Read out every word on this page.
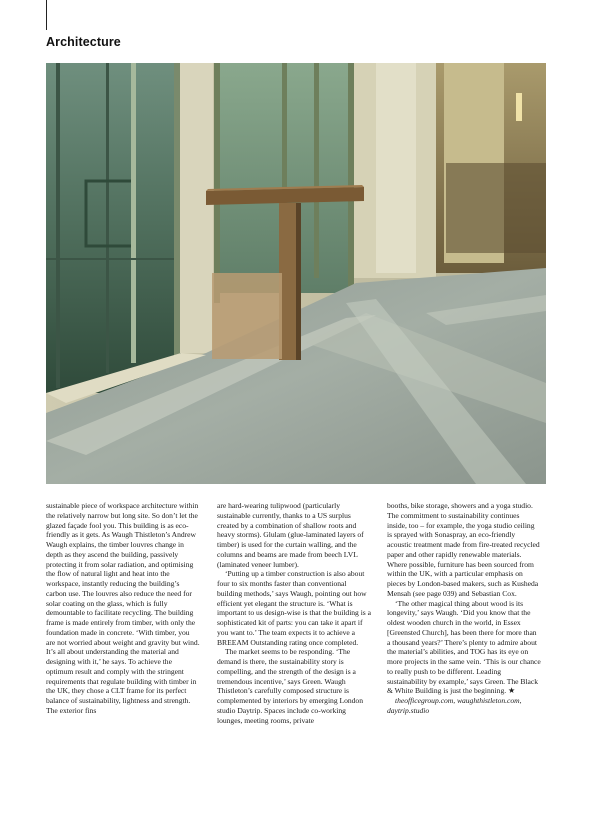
Architecture

sustainable piece of workspace architecture within the relatively narrow but long site. So don’t let the glazed façade fool you. This building is as eco-friendly as it gets. As Waugh Thistleton’s Andrew Waugh explains, the timber louvres change in depth as they ascend the building, passively protecting it from solar radiation, and optimising the flow of natural light and heat into the workspace, instantly reducing the building’s carbon use. The louvres also reduce the need for solar coating on the glass, which is fully demountable to facilitate recycling. The building frame is made entirely from timber, with only the foundation made in concrete. ‘With timber, you are not worried about weight and gravity but wind. It’s all about understanding the material and designing with it,’ he says. To achieve the optimum result and comply with the stringent requirements that regulate building with timber in the UK, they chose a CLT frame for its perfect balance of sustainability, lightness and strength. The exterior fins

are hard-wearing tulipwood (particularly sustainable currently, thanks to a US surplus created by a combination of shallow roots and heavy storms). Glulam (glue-laminated layers of timber) is used for the curtain walling, and the columns and beams are made from beech LVL (laminated veneer lumber).

‘Putting up a timber construction is also about four to six months faster than conventional building methods,’ says Waugh, pointing out how efficient yet elegant the structure is. ‘What is important to us design-wise is that the building is a sophisticated kit of parts: you can take it apart if you want to.’ The team expects it to achieve a BREEAM Outstanding rating once completed.

The market seems to be responding. ‘The demand is there, the sustainability story is compelling, and the strength of the design is a tremendous incentive,’ says Green. Waugh Thistleton’s carefully composed structure is complemented by interiors by emerging London studio Daytrip. Spaces include co-working lounges, meeting rooms, private

booths, bike storage, showers and a yoga studio. The commitment to sustainability continues inside, too – for example, the yoga studio ceiling is sprayed with Sonaspray, an eco-friendly acoustic treatment made from fire-treated recycled paper and other rapidly renewable materials. Where possible, furniture has been sourced from within the UK, with a particular emphasis on pieces by London-based makers, such as Kusheda Mensah (see page 039) and Sebastian Cox.

‘The other magical thing about wood is its longevity,’ says Waugh. ‘Did you know that the oldest wooden church in the world, in Essex [Greensted Church], has been there for more than a thousand years?’ There’s plenty to admire about the material’s abilities, and TOG has its eye on more projects in the same vein. ‘This is our chance to really push to be different. Leading sustainability by example,’ says Green. The Black & White Building is just the beginning. ★
theofficegroup.com, waughthistleton.com, daytrip.studio
